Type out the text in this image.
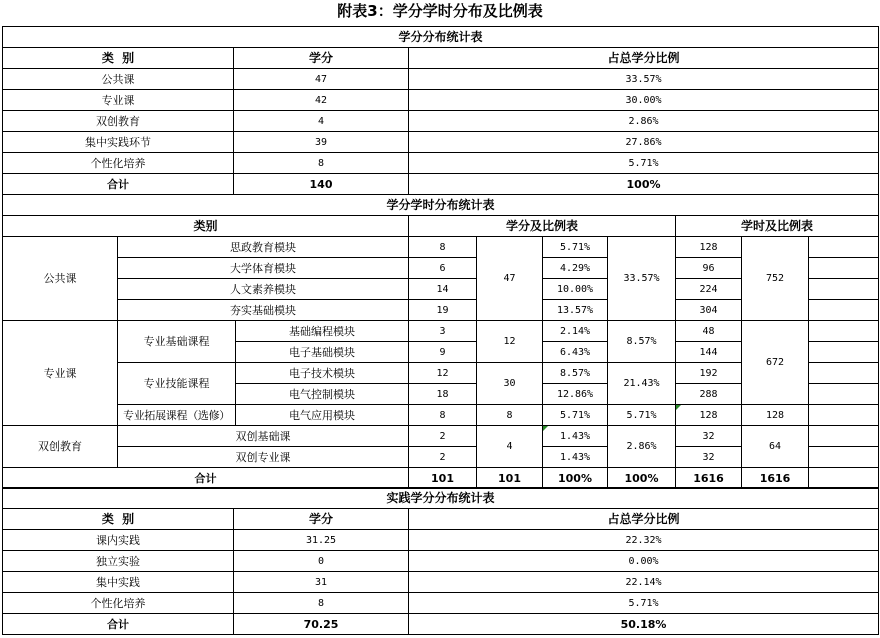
附表3：学分学时分布及比例表
学分分布统计表		
类  别	学分	占总学分比例
公共课	47	33.57%
专业课	42	30.00%
双创教育	4	2.86%
集中实践环节	39	27.86%
个性化培养	8	5.71%
合计	140	100%
学分学时分布统计表									
类别			学分及比例表				学时及比例表		
公共课	思政教育模块		8	47	5.71%	33.57%	128	752	
	大学体育模块		6		4.29%		96		
	人文素养模块		14		10.00%		224		
	夯实基础模块		19		13.57%		304		
专业课	专业基础课程	基础编程模块	3	12	2.14%	8.57%	48	672	
		电子基础模块	9		6.43%		144		
	专业技能课程	电子技术模块	12	30	8.57%	21.43%	192		
		电气控制模块	18		12.86%		288		
	专业拓展课程（选修）	电气应用模块	8	8	5.71%	5.71%	128	128	
双创教育	双创基础课		2	4	1.43%	2.86%	32	64	
	双创专业课		2		1.43%		32		
合计			101	101	100%	100%	1616	1616	
实践学分分布统计表		
类  别	学分	占总学分比例
课内实践	31.25	22.32%
独立实验	0	0.00%
集中实践	31	22.14%
个性化培养	8	5.71%
合计	70.25	50.18%
